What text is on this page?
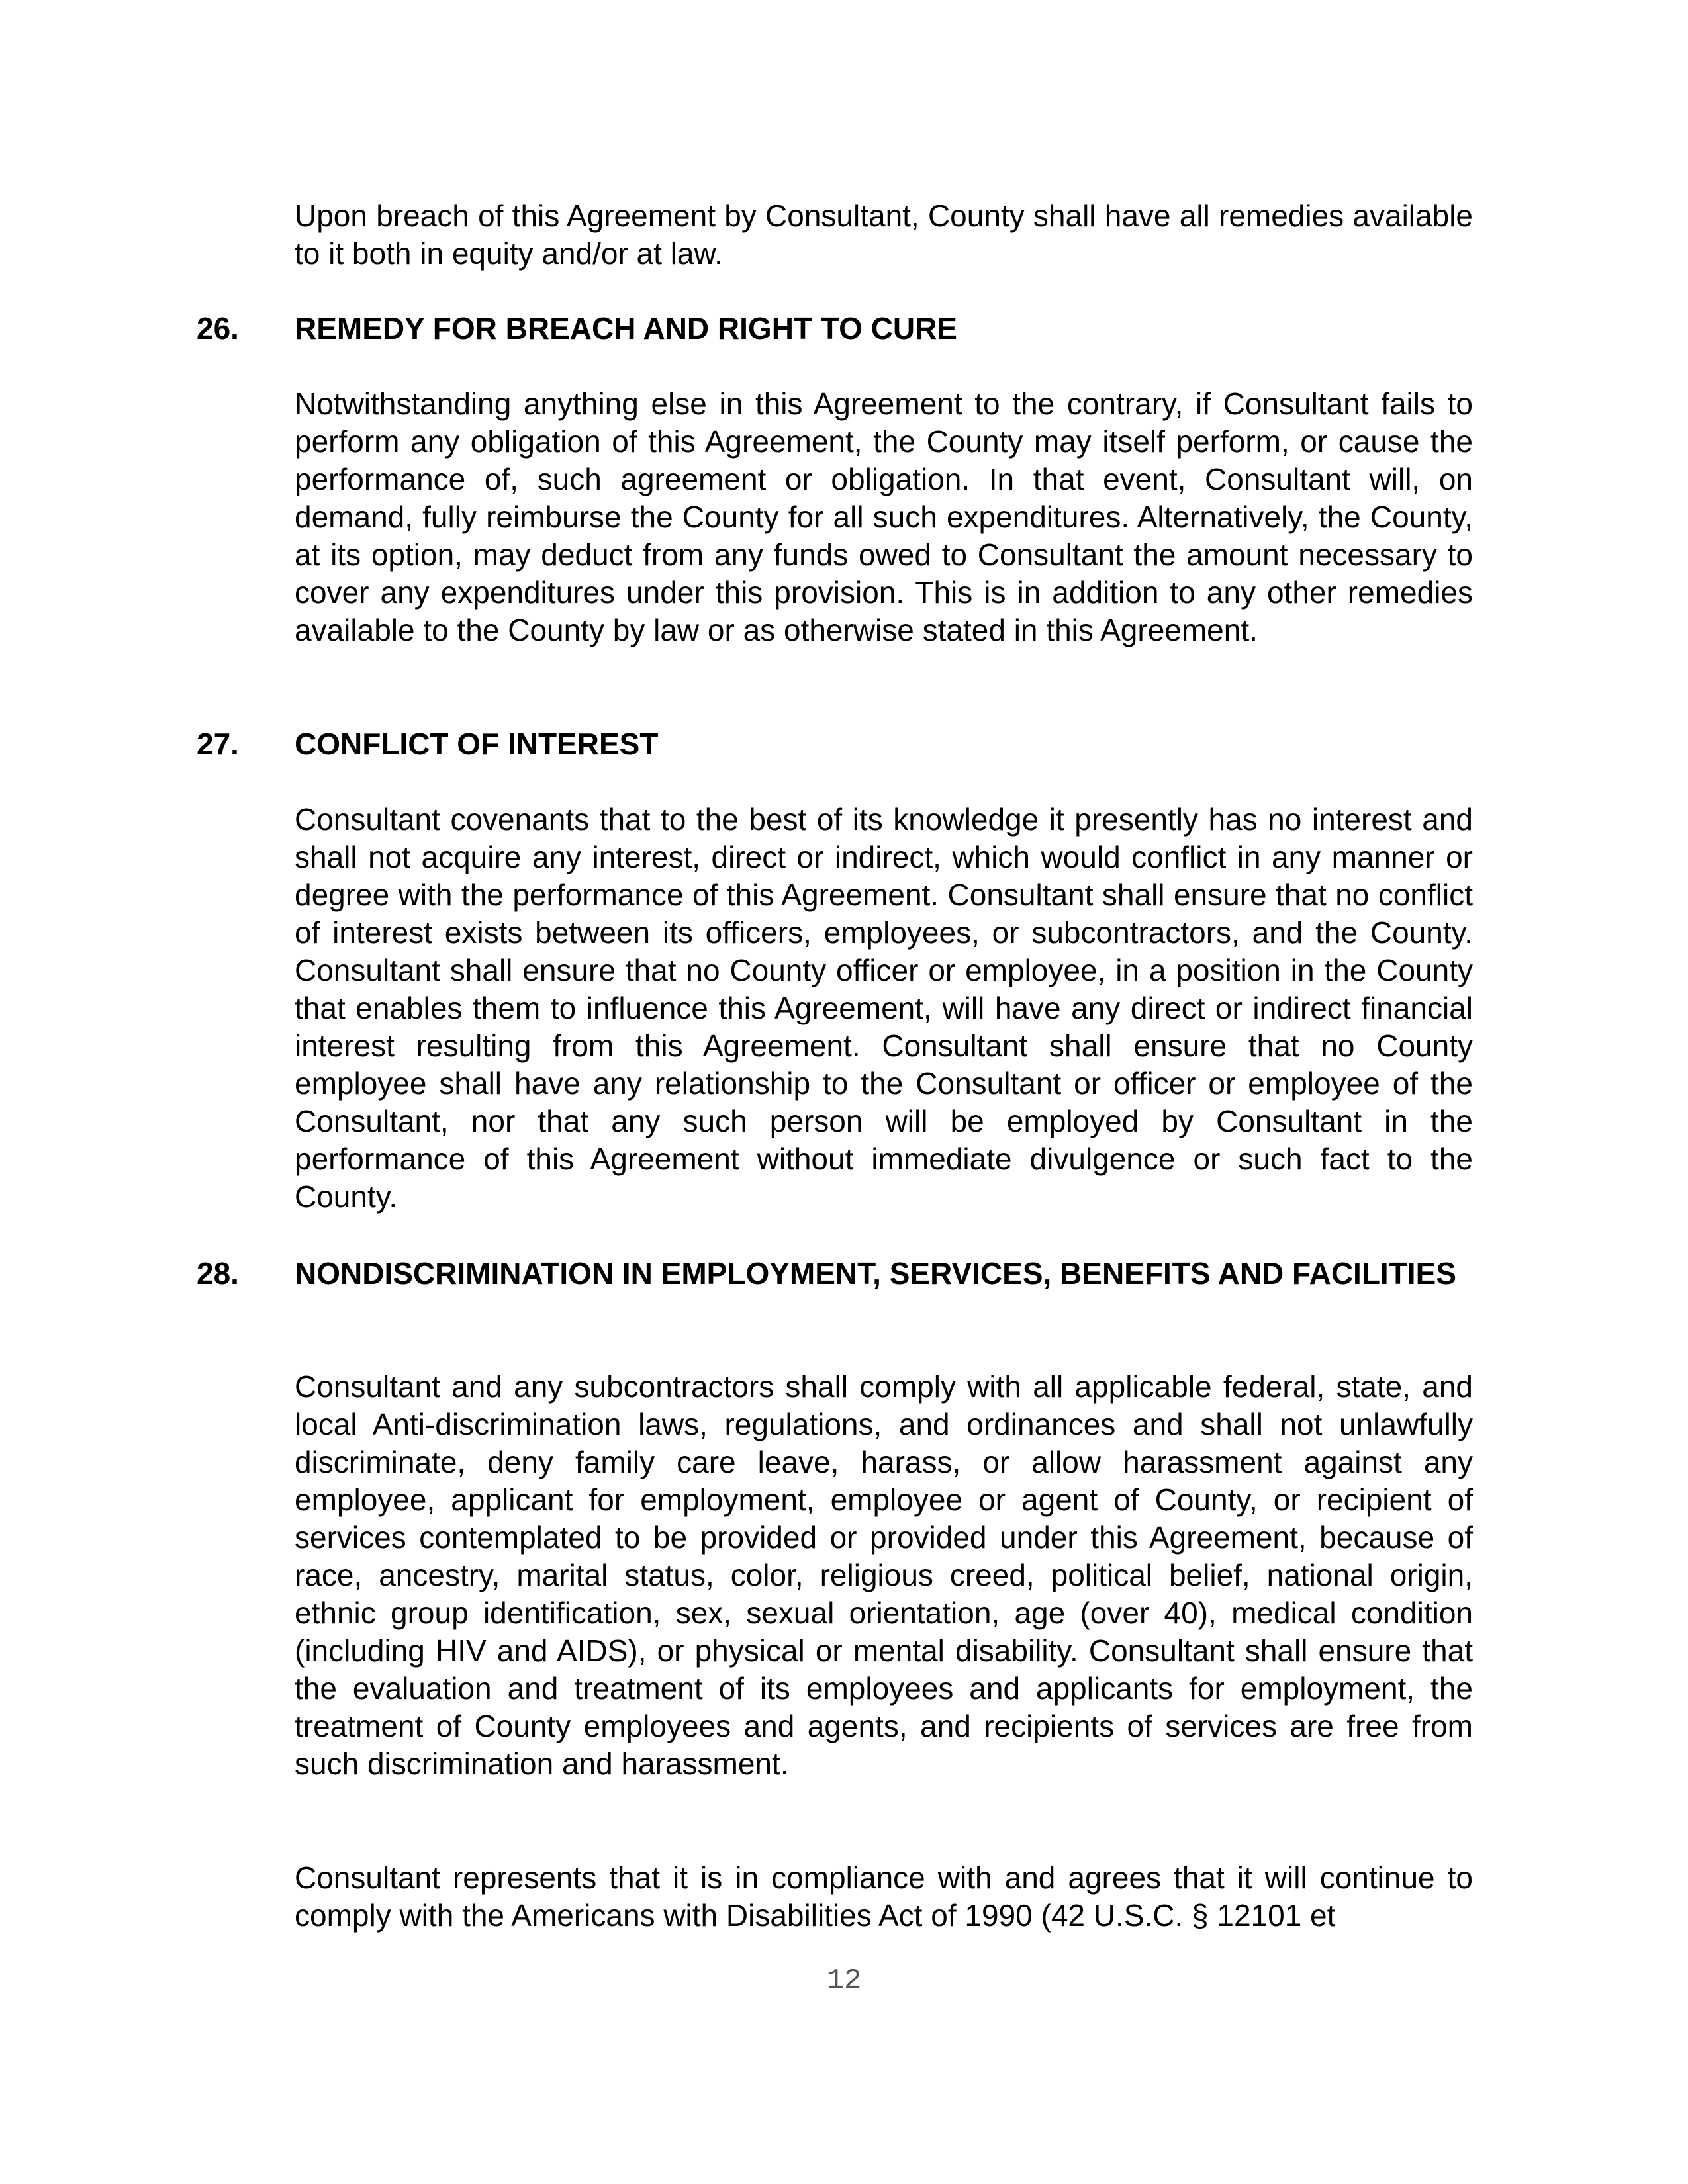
Upon breach of this Agreement by Consultant, County shall have all remedies available to it both in equity and/or at law.

26. REMEDY FOR BREACH AND RIGHT TO CURE

Notwithstanding anything else in this Agreement to the contrary, if Consultant fails to perform any obligation of this Agreement, the County may itself perform, or cause the performance of, such agreement or obligation. In that event, Consultant will, on demand, fully reimburse the County for all such expenditures. Alternatively, the County, at its option, may deduct from any funds owed to Consultant the amount necessary to cover any expenditures under this provision. This is in addition to any other remedies available to the County by law or as otherwise stated in this Agreement.

27. CONFLICT OF INTEREST

Consultant covenants that to the best of its knowledge it presently has no interest and shall not acquire any interest, direct or indirect, which would conflict in any manner or degree with the performance of this Agreement. Consultant shall ensure that no conflict of interest exists between its officers, employees, or subcontractors, and the County. Consultant shall ensure that no County officer or employee, in a position in the County that enables them to influence this Agreement, will have any direct or indirect financial interest resulting from this Agreement. Consultant shall ensure that no County employee shall have any relationship to the Consultant or officer or employee of the Consultant, nor that any such person will be employed by Consultant in the performance of this Agreement without immediate divulgence or such fact to the County.

28. NONDISCRIMINATION IN EMPLOYMENT, SERVICES, BENEFITS AND FACILITIES

Consultant and any subcontractors shall comply with all applicable federal, state, and local Anti-discrimination laws, regulations, and ordinances and shall not unlawfully discriminate, deny family care leave, harass, or allow harassment against any employee, applicant for employment, employee or agent of County, or recipient of services contemplated to be provided or provided under this Agreement, because of race, ancestry, marital status, color, religious creed, political belief, national origin, ethnic group identification, sex, sexual orientation, age (over 40), medical condition (including HIV and AIDS), or physical or mental disability. Consultant shall ensure that the evaluation and treatment of its employees and applicants for employment, the treatment of County employees and agents, and recipients of services are free from such discrimination and harassment.

Consultant represents that it is in compliance with and agrees that it will continue to comply with the Americans with Disabilities Act of 1990 (42 U.S.C. § 12101 et

12
